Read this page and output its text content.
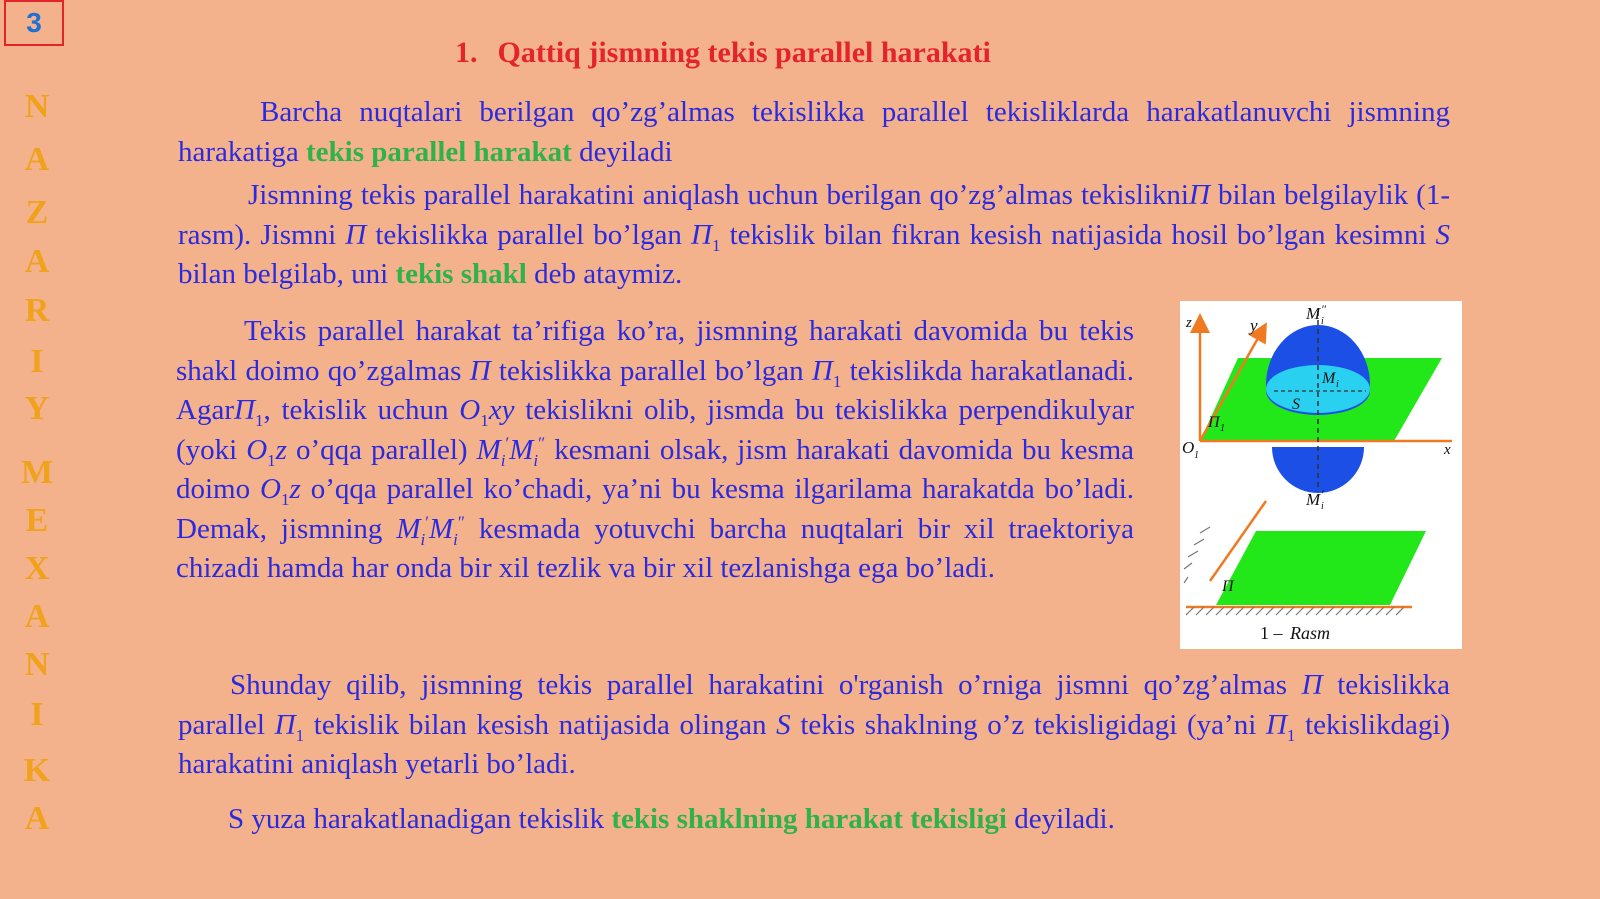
3
N
A
Z
A
R
I
Y
M
E
X
A
N
I
K
A
1. Qattiq jismning tekis parallel harakati
Barcha nuqtalari berilgan qo’zg’almas tekislikka parallel tekisliklarda harakatlanuvchi jismning harakatiga tekis parallel harakat deyiladi
Jismning tekis parallel harakatini aniqlash uchun berilgan qo’zg’almas tekislikniΠ bilan belgilaylik (1-rasm). Jismni Π tekislikka parallel bo’lgan $\Pi_1$ tekislik bilan fikran kesish natijasida hosil bo’lgan kesimni S bilan belgilab, uni tekis shakl deb ataymiz.
Tekis parallel harakat ta’rifiga ko’ra, jismning harakati davomida bu tekis shakl doimo qo’zgalmas Π tekislikka parallel bo’lgan $\Pi_1$ tekislikda harakatlanadi. AgarΠ$_1$, tekislik uchun $O_1xy$ tekislikni olib, jismda bu tekislikka perpendikulyar (yoki $O_1z$ o’qqa parallel) $M_i'M_i''$ kesmani olsak, jism harakati davomida bu kesma doimo $O_1z$ o’qqa parallel ko’chadi, ya’ni bu kesma ilgarilama harakatda bo’ladi. Demak, jismning $M_i'M_i''$ kesmada yotuvchi barcha nuqtalari bir xil traektoriya chizadi hamda har onda bir xil tezlik va bir xil tezlanishga ega bo’ladi.
z	y
x
O 1
M ″
i
M i
S
Π 1
M ′
i
Π
1 – Rasm
Shunday qilib, jismning tekis parallel harakatini o'rganish o’rniga jismni qo’zg’almas Π tekislikka parallel $\Pi_1$ tekislik bilan kesish natijasida olingan S tekis shaklning o’z tekisligidagi (ya’ni $\Pi_1$ tekislikdagi) harakatini aniqlash yetarli bo’ladi.
S yuza harakatlanadigan tekislik tekis shaklning harakat tekisligi deyiladi.
